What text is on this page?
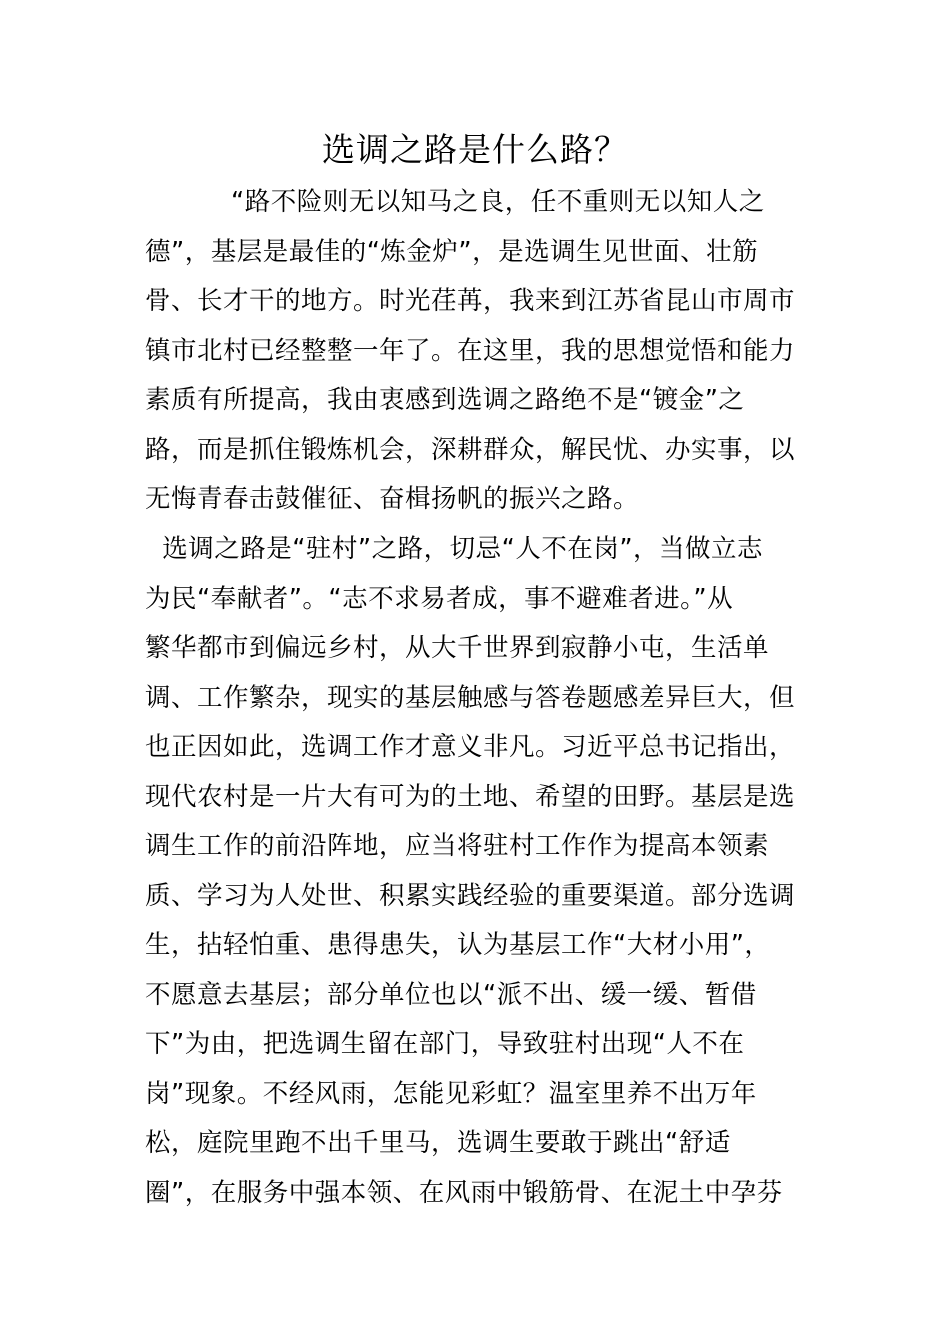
选调之路是什么路？
“路不险则无以知马之良，任不重则无以知人之
德”，基层是最佳的“炼金炉”，是选调生见世面、壮筋
骨、长才干的地方。时光荏苒，我来到江苏省昆山市周市
镇市北村已经整整一年了。在这里，我的思想觉悟和能力
素质有所提高，我由衷感到选调之路绝不是“镀金”之
路，而是抓住锻炼机会，深耕群众，解民忧、办实事，以
无悔青春击鼓催征、奋楫扬帆的振兴之路。
选调之路是“驻村”之路，切忌“人不在岗”，当做立志
为民“奉献者”。“志不求易者成，事不避难者进。”从
繁华都市到偏远乡村，从大千世界到寂静小屯，生活单
调、工作繁杂，现实的基层触感与答卷题感差异巨大，但
也正因如此，选调工作才意义非凡。习近平总书记指出，
现代农村是一片大有可为的土地、希望的田野。基层是选
调生工作的前沿阵地，应当将驻村工作作为提高本领素
质、学习为人处世、积累实践经验的重要渠道。部分选调
生，拈轻怕重、患得患失，认为基层工作“大材小用”，
不愿意去基层；部分单位也以“派不出、缓一缓、暂借
下”为由，把选调生留在部门，导致驻村出现“人不在
岗”现象。不经风雨，怎能见彩虹？温室里养不出万年
松，庭院里跑不出千里马，选调生要敢于跳出“舒适
圈”，在服务中强本领、在风雨中锻筋骨、在泥土中孕芬
